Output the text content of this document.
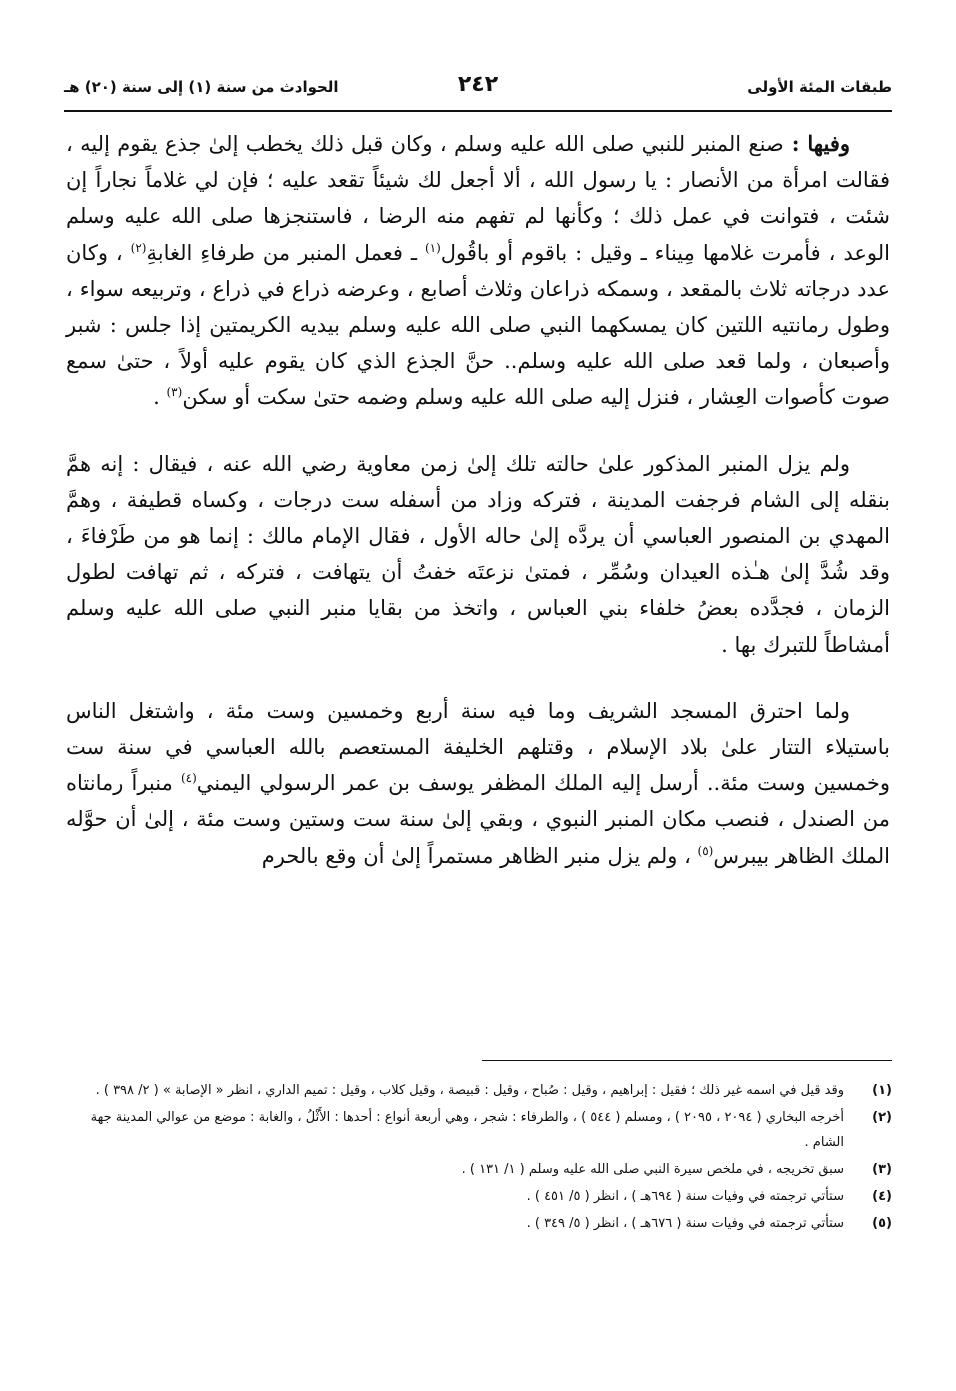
طبقات المئة الأولى
٢٤٢
الحوادث من سنة (١) إلى سنة (٢٠) هـ

وفيها : صنع المنبر للنبي صلى الله عليه وسلم ، وكان قبل ذلك يخطب إلىٰ جذع يقوم إليه ، فقالت امرأة من الأنصار : يا رسول الله ، ألا أجعل لك شيئاً تقعد عليه ؛ فإن لي غلاماً نجاراً إن شئت ، فتوانت في عمل ذلك ؛ وكأنها لم تفهم منه الرضا ، فاستنجزها صلى الله عليه وسلم الوعد ، فأمرت غلامها مِيناء ـ وقيل : باقوم أو باقُول$^{(١)}$ ـ فعمل المنبر من طرفاءِ الغابةِ$^{(٢)}$ ، وكان عدد درجاته ثلاث بالمقعد ، وسمكه ذراعان وثلاث أصابع ، وعرضه ذراع في ذراع ، وتربيعه سواء ، وطول رمانتيه اللتين كان يمسكهما النبي صلى الله عليه وسلم بيديه الكريمتين إذا جلس : شبر وأصبعان ، ولما قعد صلى الله عليه وسلم.. حنَّ الجذع الذي كان يقوم عليه أولاً ، حتىٰ سمع صوت كأصوات العِشار ، فنزل إليه صلى الله عليه وسلم وضمه حتىٰ سكت أو سكن$^{(٣)}$ .

ولم يزل المنبر المذكور علىٰ حالته تلك إلىٰ زمن معاوية رضي الله عنه ، فيقال : إنه همَّ بنقله إلى الشام فرجفت المدينة ، فتركه وزاد من أسفله ست درجات ، وكساه قطيفة ، وهمَّ المهدي بن المنصور العباسي أن يردَّه إلىٰ حاله الأول ، فقال الإمام مالك : إنما هو من طَرْفاءَ ، وقد شُدَّ إلىٰ هـٰذه العيدان وسُمِّر ، فمتىٰ نزعتَه خفتُ أن يتهافت ، فتركه ، ثم تهافت لطول الزمان ، فجدَّده بعضُ خلفاء بني العباس ، واتخذ من بقايا منبر النبي صلى الله عليه وسلم أمشاطاً للتبرك بها .

ولما احترق المسجد الشريف وما فيه سنة أربع وخمسين وست مئة ، واشتغل الناس باستيلاء التتار علىٰ بلاد الإسلام ، وقتلهم الخليفة المستعصم بالله العباسي في سنة ست وخمسين وست مئة.. أرسل إليه الملك المظفر يوسف بن عمر الرسولي اليمني$^{(٤)}$ منبراً رمانتاه من الصندل ، فنصب مكان المنبر النبوي ، وبقي إلىٰ سنة ست وستين وست مئة ، إلىٰ أن حوَّله الملك الظاهر بيبرس$^{(٥)}$ ، ولم يزل منبر الظاهر مستمراً إلىٰ أن وقع بالحرم

(١)
وقد قيل في اسمه غير ذلك ؛ فقيل : إبراهيم ، وقيل : صُباح ، وقيل : قبيصة ، وقيل كلاب ، وقيل : تميم الداري ، انظر « الإصابة » ( ٢/ ٣٩٨ ) .
(٢)
أخرجه البخاري ( ٢٠٩٤ ، ٢٠٩٥ ) ، ومسلم ( ٥٤٤ ) ، والطرفاء : شجر ، وهي أربعة أنواع : أحدها : الأَثْلُ ، والغابة : موضع من عوالي المدينة جهة الشام .
(٣)
سبق تخريجه ، في ملخص سيرة النبي صلى الله عليه وسلم ( ١/ ١٣١ ) .
(٤)
ستأتي ترجمته في وفيات سنة ( ٦٩٤هـ ) ، انظر ( ٥/ ٤٥١ ) .
(٥)
ستأتي ترجمته في وفيات سنة ( ٦٧٦هـ ) ، انظر ( ٥/ ٣٤٩ ) .
